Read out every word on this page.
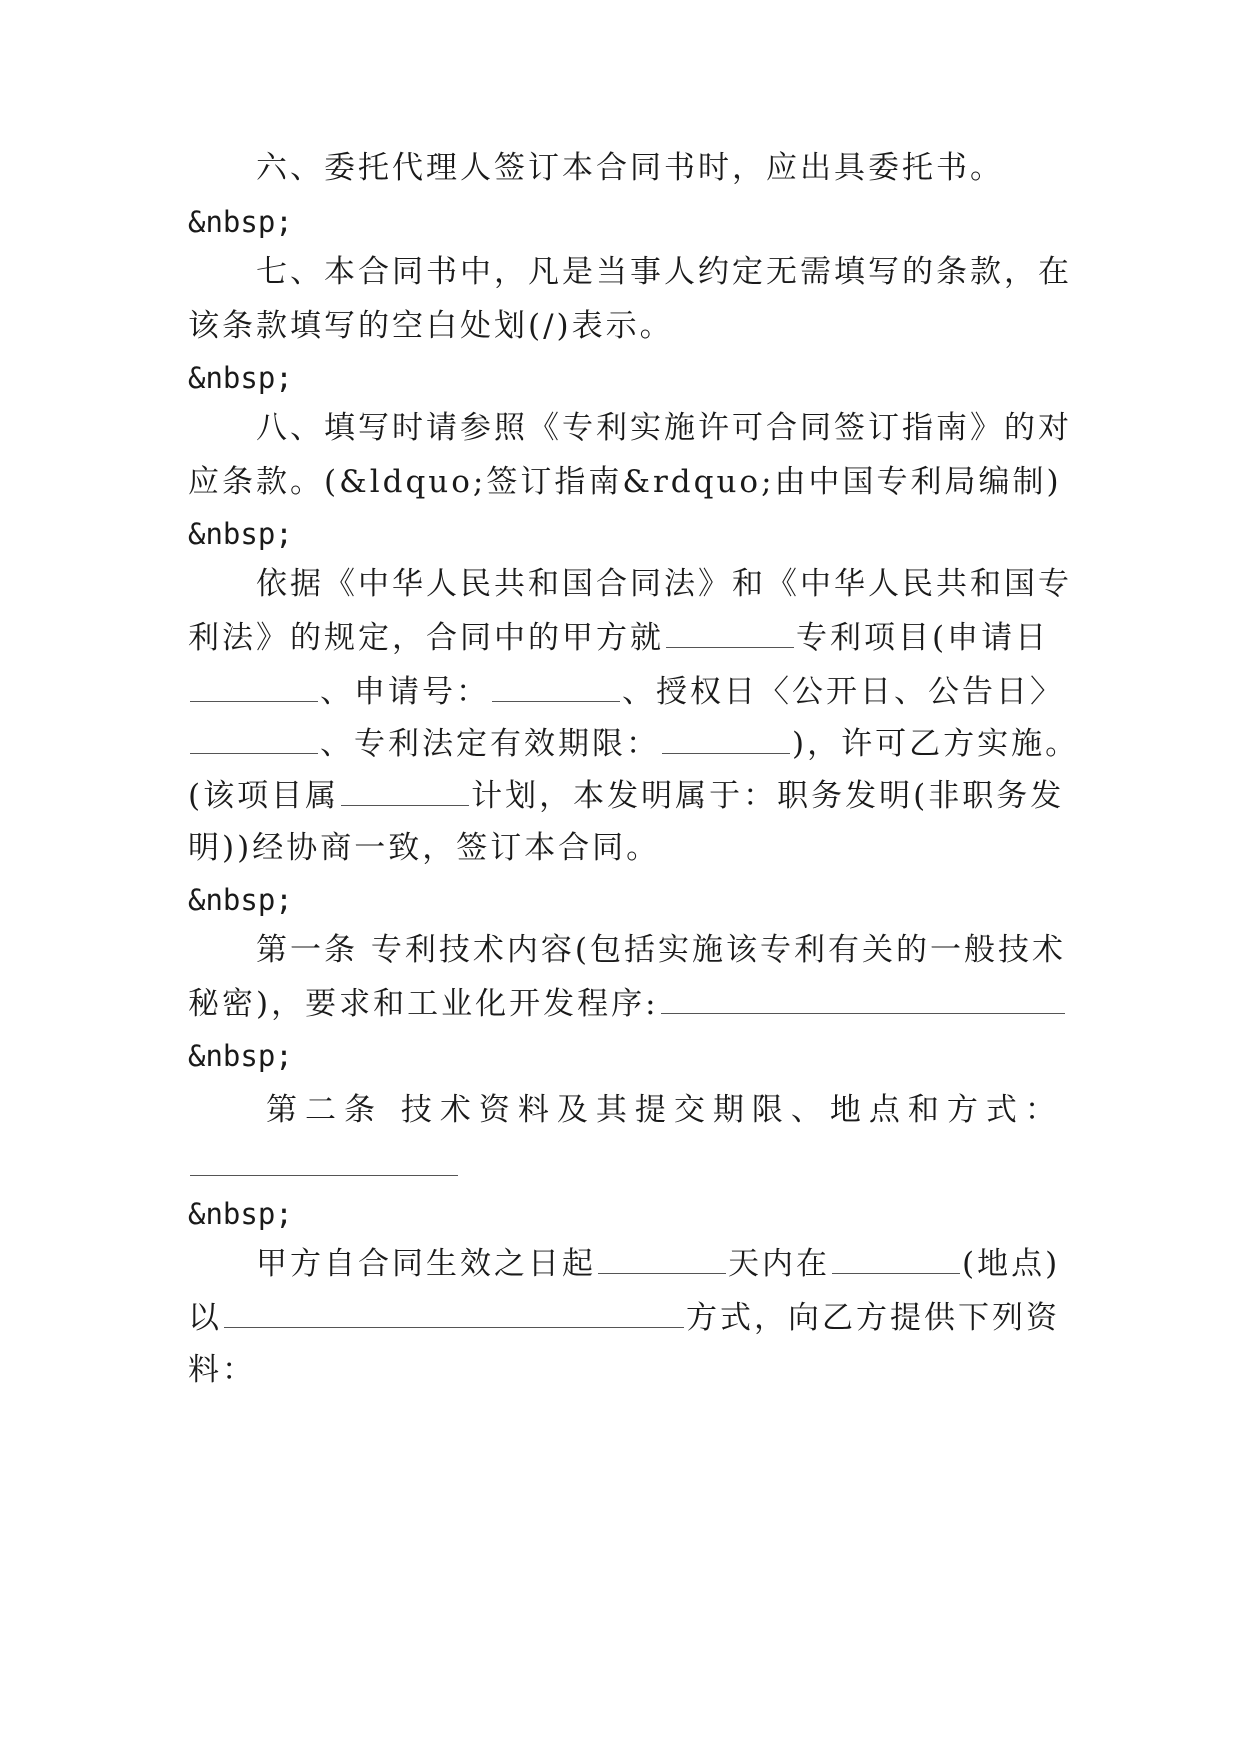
六、委托代理人签订本合同书时，应出具委托书。
&nbsp;
七、本合同书中，凡是当事人约定无需填写的条款，在
该条款填写的空白处划(/)表示。
&nbsp;
八、填写时请参照《专利实施许可合同签订指南》的对
应条款。(&ldquo;签订指南&rdquo;由中国专利局编制)
&nbsp;
依据《中华人民共和国合同法》和《中华人民共和国专
利法》的规定，合同中的甲方就	专利项目(申请日
、申请号：	、授权日〈公开日、公告日〉
、专利法定有效期限：	)，许可乙方实施。
(该项目属	计划，本发明属于：职务发明(非职务发
明))经协商一致，签订本合同。
&nbsp;
第一条 专利技术内容(包括实施该专利有关的一般技术
秘密)，要求和工业化开发程序:
&nbsp;
第二条 技术资料及其提交期限、地点和方式：
&nbsp;
甲方自合同生效之日起	天内在	(地点)
以	方式，向乙方提供下列资
料：
